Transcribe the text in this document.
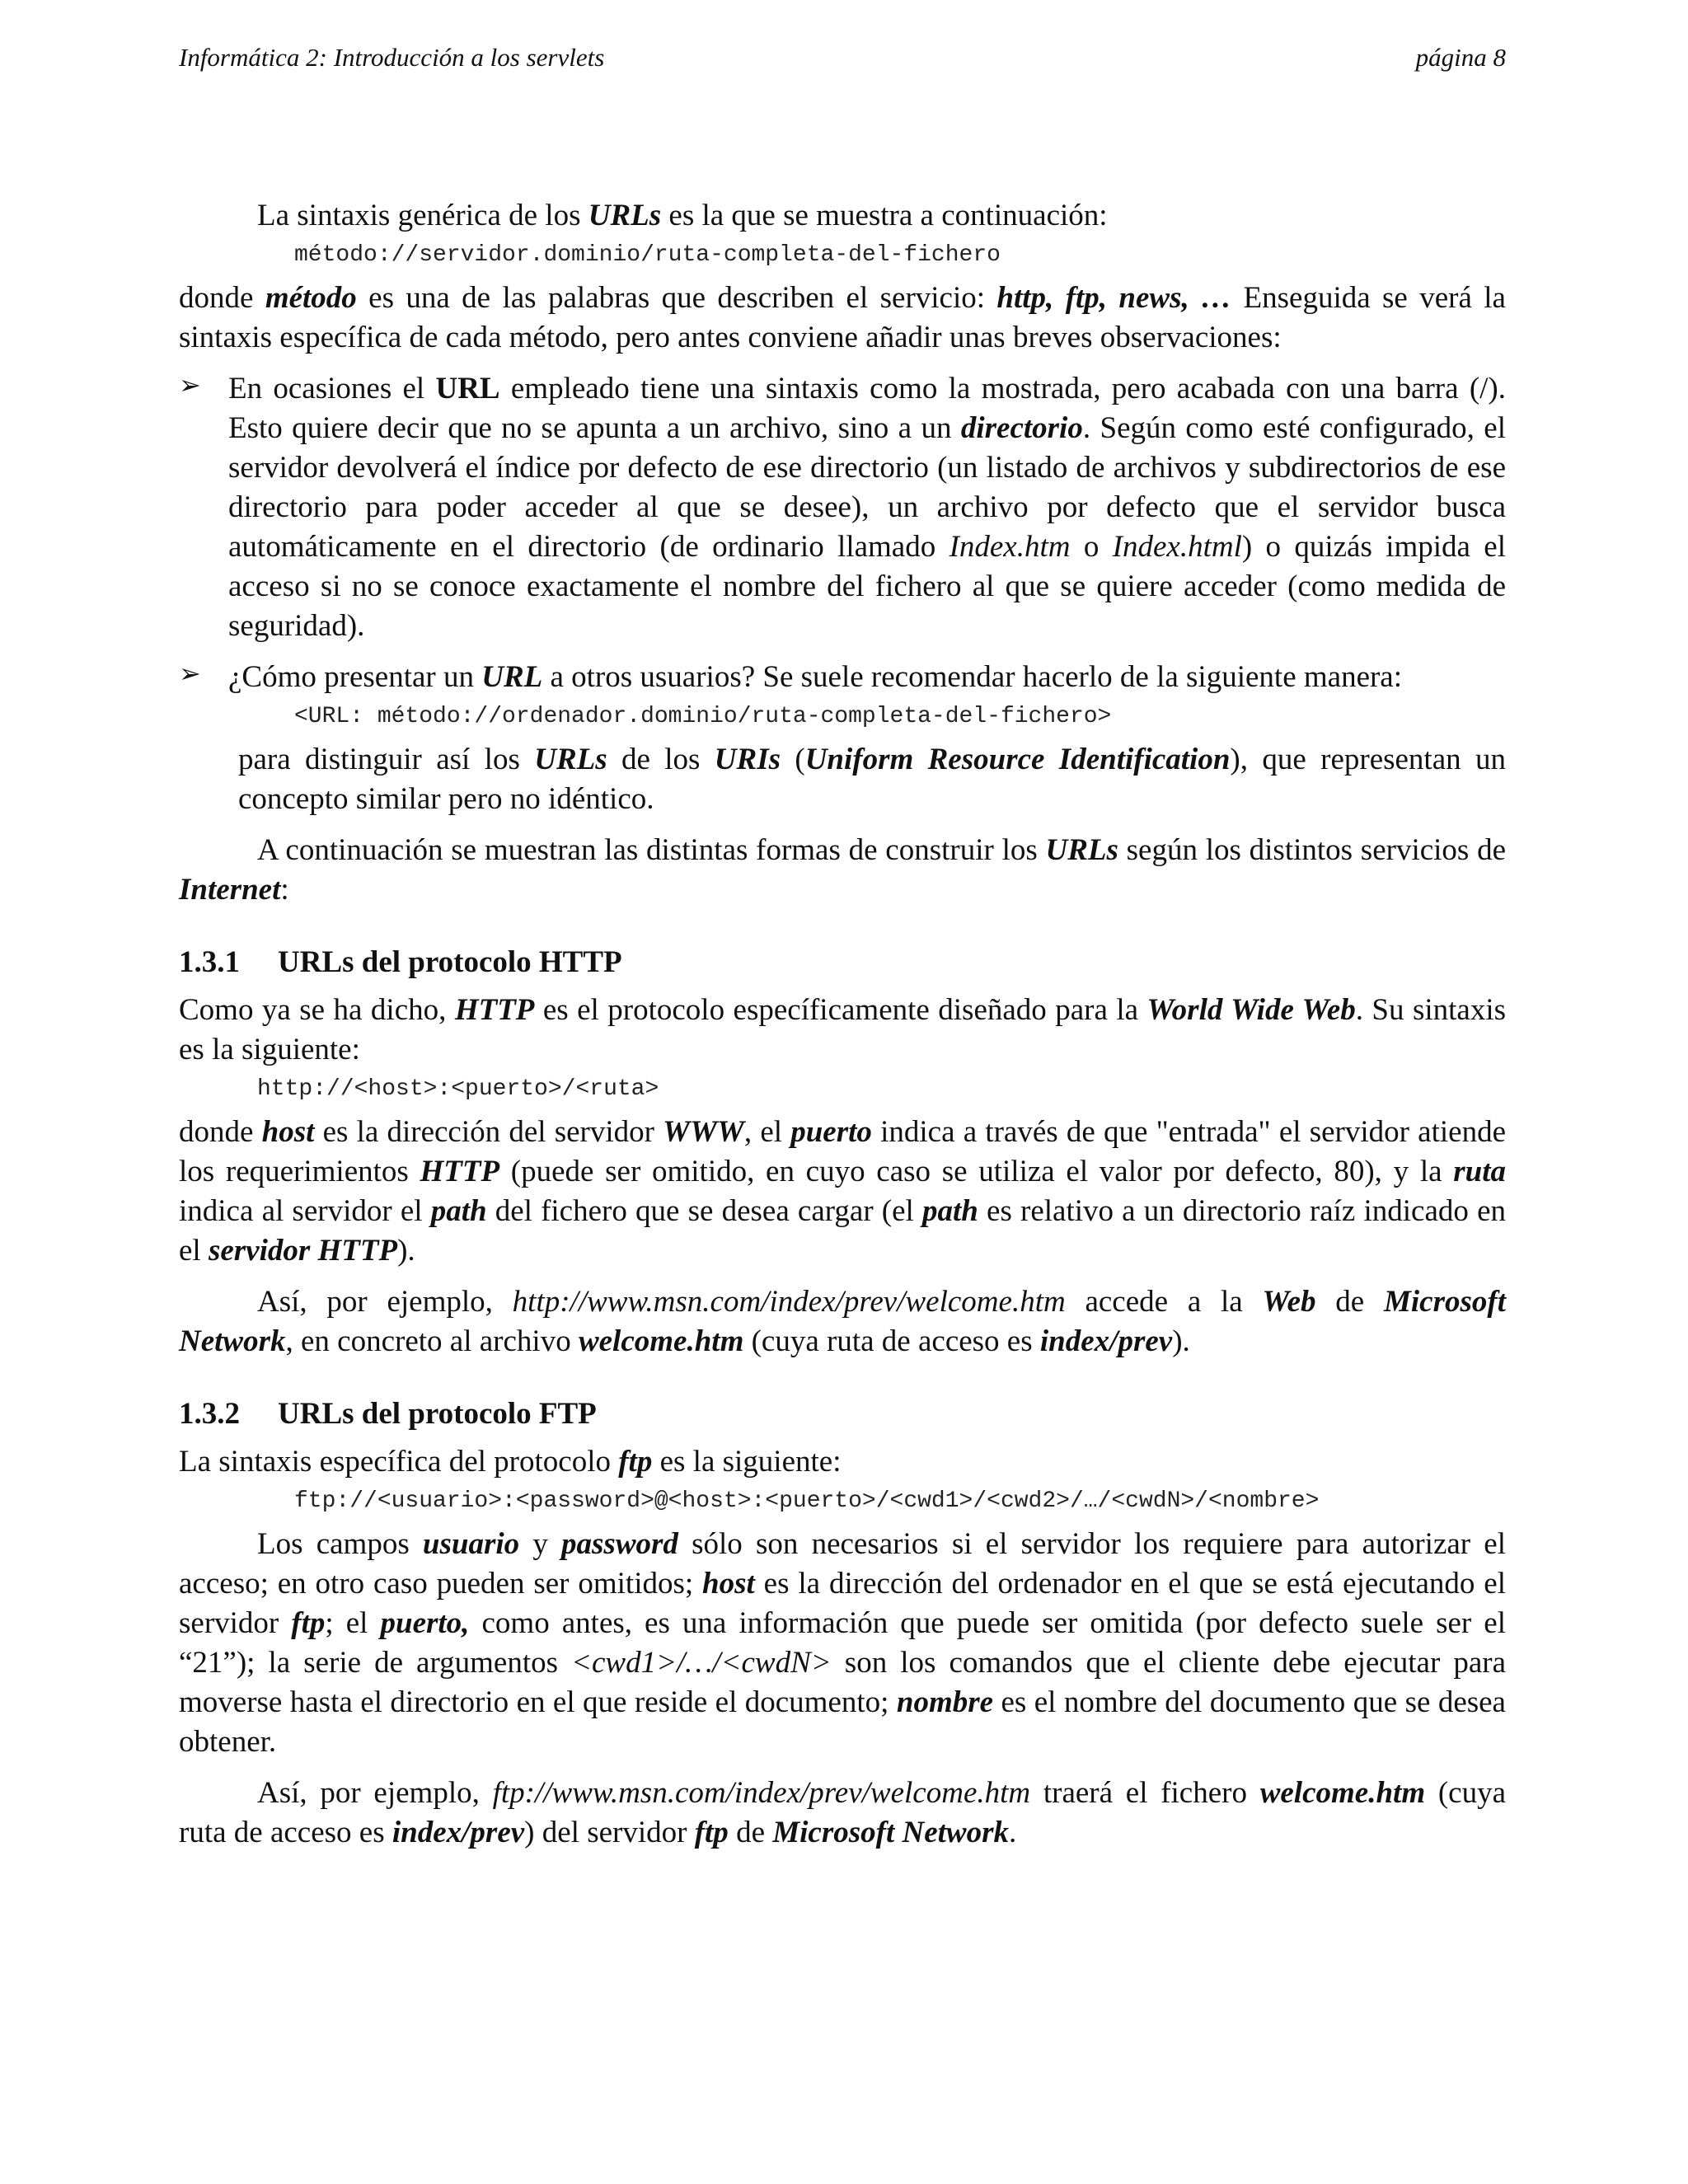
Informática 2: Introducción a los servlets	página 8

La sintaxis genérica de los URLs es la que se muestra a continuación:

método://servidor.dominio/ruta-completa-del-fichero

donde método es una de las palabras que describen el servicio: http, ftp, news, … Enseguida se verá la sintaxis específica de cada método, pero antes conviene añadir unas breves observaciones:

➢ En ocasiones el URL empleado tiene una sintaxis como la mostrada, pero acabada con una barra (/). Esto quiere decir que no se apunta a un archivo, sino a un directorio. Según como esté configurado, el servidor devolverá el índice por defecto de ese directorio (un listado de archivos y subdirectorios de ese directorio para poder acceder al que se desee), un archivo por defecto que el servidor busca automáticamente en el directorio (de ordinario llamado Index.htm o Index.html) o quizás impida el acceso si no se conoce exactamente el nombre del fichero al que se quiere acceder (como medida de seguridad).

➢ ¿Cómo presentar un URL a otros usuarios? Se suele recomendar hacerlo de la siguiente manera:

<URL: método://ordenador.dominio/ruta-completa-del-fichero>

para distinguir así los URLs de los URIs (Uniform Resource Identification), que representan un concepto similar pero no idéntico.

A continuación se muestran las distintas formas de construir los URLs según los distintos servicios de Internet:

1.3.1 URLs del protocolo HTTP

Como ya se ha dicho, HTTP es el protocolo específicamente diseñado para la World Wide Web. Su sintaxis es la siguiente:

http://<host>:<puerto>/<ruta>

donde host es la dirección del servidor WWW, el puerto indica a través de que "entrada" el servidor atiende los requerimientos HTTP (puede ser omitido, en cuyo caso se utiliza el valor por defecto, 80), y la ruta indica al servidor el path del fichero que se desea cargar (el path es relativo a un directorio raíz indicado en el servidor HTTP).

Así, por ejemplo, http://www.msn.com/index/prev/welcome.htm accede a la Web de Microsoft Network, en concreto al archivo welcome.htm (cuya ruta de acceso es index/prev).

1.3.2 URLs del protocolo FTP

La sintaxis específica del protocolo ftp es la siguiente:

ftp://<usuario>:<password>@<host>:<puerto>/<cwd1>/<cwd2>/…/<cwdN>/<nombre>

Los campos usuario y password sólo son necesarios si el servidor los requiere para autorizar el acceso; en otro caso pueden ser omitidos; host es la dirección del ordenador en el que se está ejecutando el servidor ftp; el puerto, como antes, es una información que puede ser omitida (por defecto suele ser el “21”); la serie de argumentos <cwd1>/…/<cwdN> son los comandos que el cliente debe ejecutar para moverse hasta el directorio en el que reside el documento; nombre es el nombre del documento que se desea obtener.

Así, por ejemplo, ftp://www.msn.com/index/prev/welcome.htm traerá el fichero welcome.htm (cuya ruta de acceso es index/prev) del servidor ftp de Microsoft Network.
